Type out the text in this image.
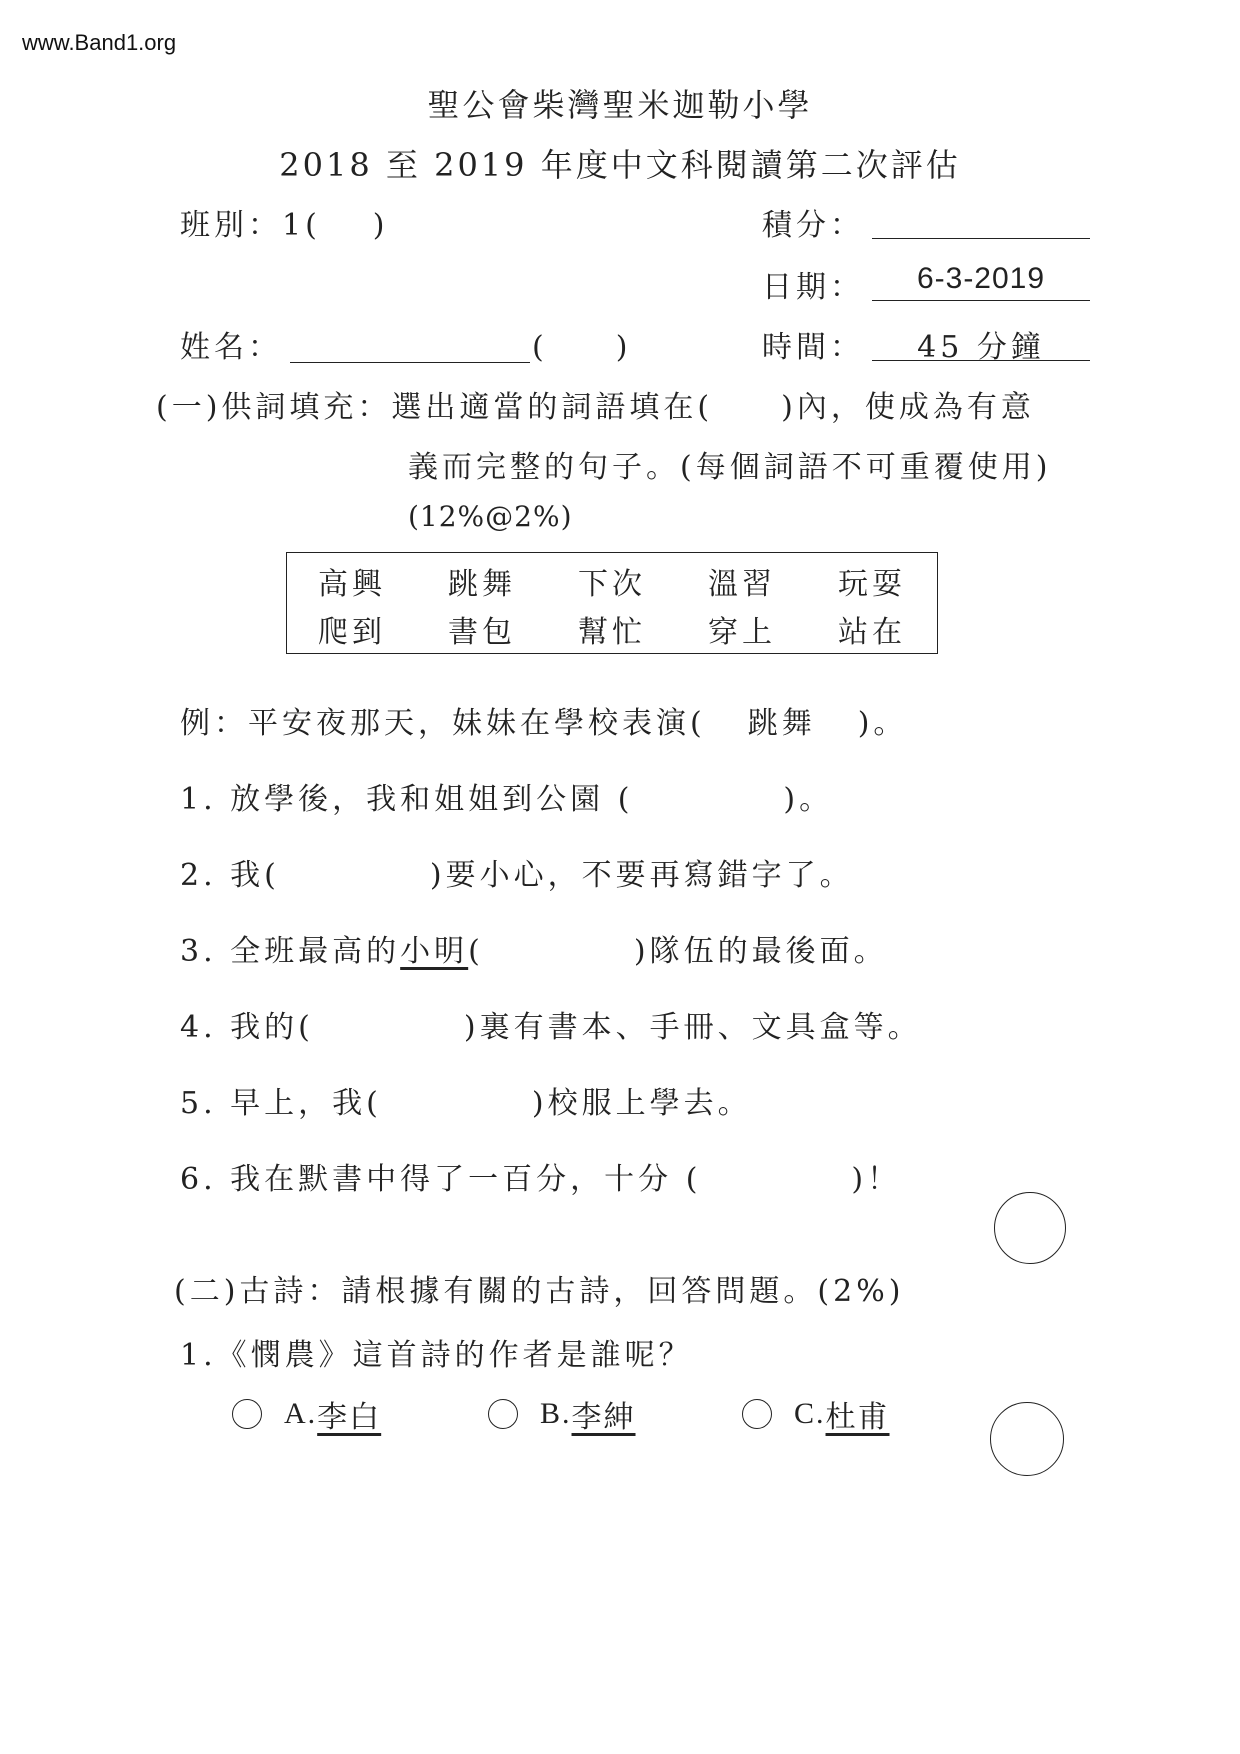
www.Band1.org
聖公會柴灣聖米迦勒小學
2018 至 2019 年度中文科閱讀第二次評估
班別：1( )	積分：
日期：	6-3-2019
姓名：	(　　)	時間：	45 分鐘
(一)供詞填充：選出適當的詞語填在(　　)內，使成為有意
義而完整的句子。(每個詞語不可重覆使用)
(12%@2%)
高興	跳舞	下次	溫習	玩耍
爬到	書包	幫忙	穿上	站在
例：平安夜那天，妹妹在學校表演( 跳舞 )。
1. 放學後，我和姐姐到公園 (	)。
2. 我(	)要小心，不要再寫錯字了。
3. 全班最高的小明(	)隊伍的最後面。
4. 我的(	)裏有書本、手冊、文具盒等。
5. 早上，我(	)校服上學去。
6. 我在默書中得了一百分，十分 (	)！
(二)古詩：請根據有關的古詩，回答問題。(2%)
1.《憫農》這首詩的作者是誰呢？
A. 李白	B. 李紳	C. 杜甫
